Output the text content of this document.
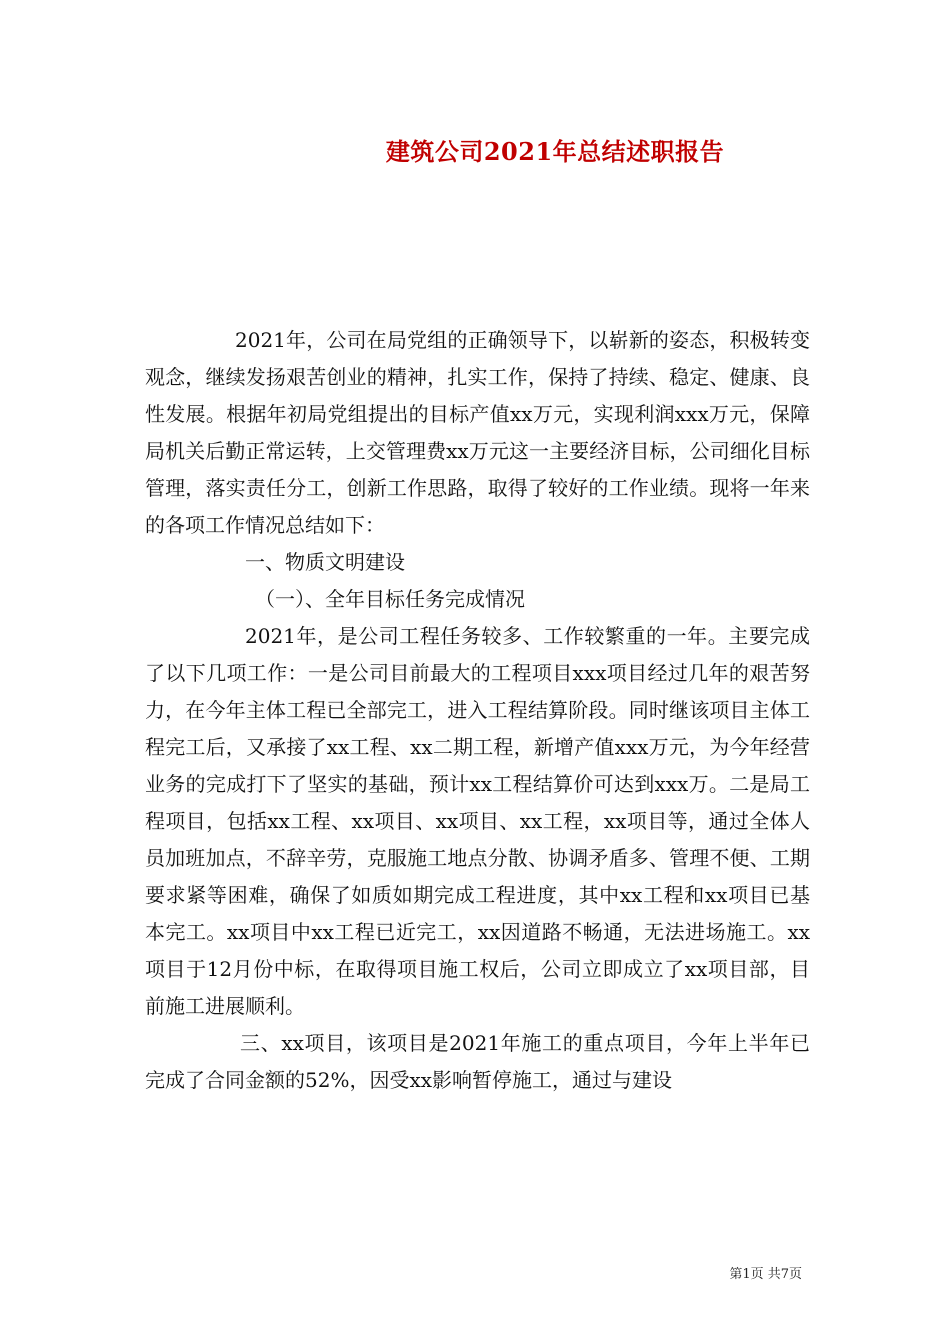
建筑公司2021年总结述职报告

2021年，公司在局党组的正确领导下，以崭新的姿态，积极转变观念，继续发扬艰苦创业的精神，扎实工作，保持了持续、稳定、健康、良性发展。根据年初局党组提出的目标产值xx万元，实现利润xxx万元，保障局机关后勤正常运转，上交管理费xx万元这一主要经济目标，公司细化目标管理，落实责任分工，创新工作思路，取得了较好的工作业绩。现将一年来的各项工作情况总结如下：

一、物质文明建设

（一）、全年目标任务完成情况

2021年，是公司工程任务较多、工作较繁重的一年。主要完成了以下几项工作：一是公司目前最大的工程项目xxx项目经过几年的艰苦努力，在今年主体工程已全部完工，进入工程结算阶段。同时继该项目主体工程完工后，又承接了xx工程、xx二期工程，新增产值xxx万元，为今年经营业务的完成打下了坚实的基础，预计xx工程结算价可达到xxx万。二是局工程项目，包括xx工程、xx项目、xx项目、xx工程，xx项目等，通过全体人员加班加点，不辞辛劳，克服施工地点分散、协调矛盾多、管理不便、工期要求紧等困难，确保了如质如期完成工程进度，其中xx工程和xx项目已基本完工。xx项目中xx工程已近完工，xx因道路不畅通，无法进场施工。xx项目于12月份中标，在取得项目施工权后，公司立即成立了xx项目部，目前施工进展顺利。

三、xx项目，该项目是2021年施工的重点项目，今年上半年已完成了合同金额的52%，因受xx影响暂停施工，通过与建设

第1页 共7页
